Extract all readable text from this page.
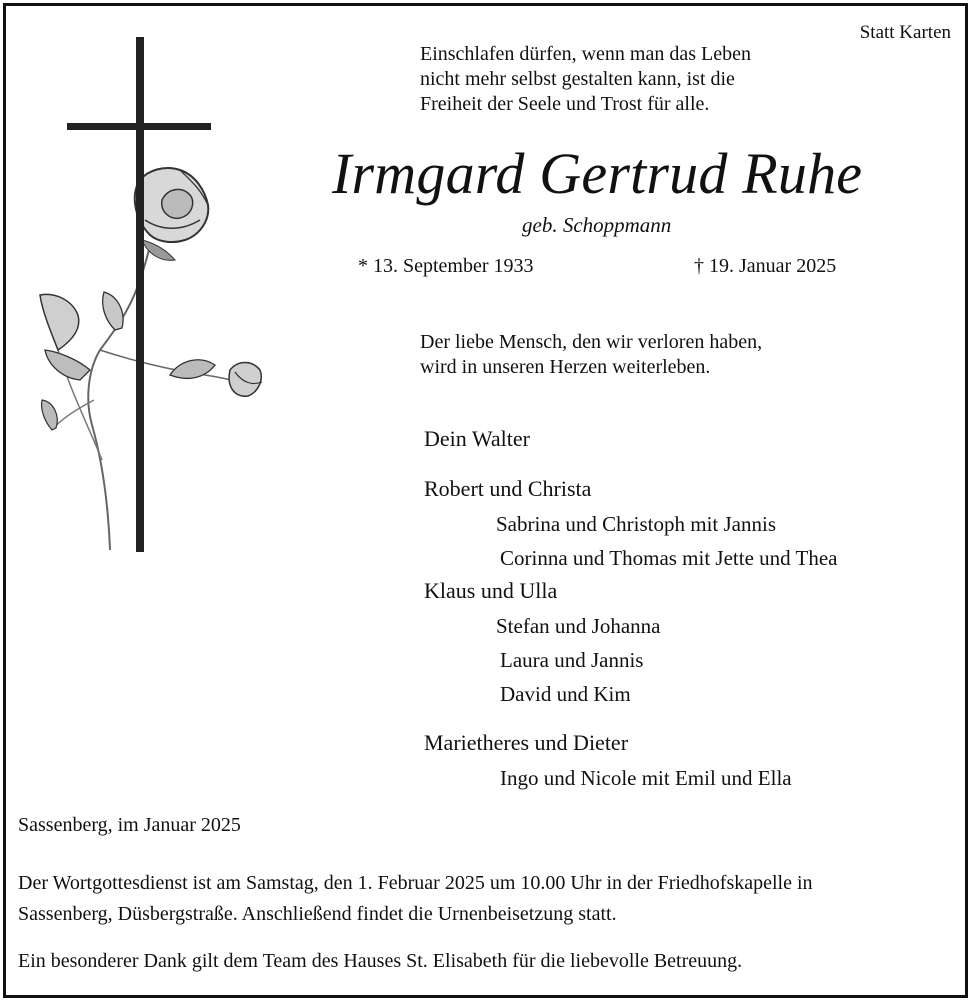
Statt Karten
Einschlafen dürfen, wenn man das Leben
nicht mehr selbst gestalten kann, ist die
Freiheit der Seele und Trost für alle.
Irmgard Gertrud Ruhe
geb. Schoppmann
* 13. September 1933	† 19. Januar 2025
Der liebe Mensch, den wir verloren haben,
wird in unseren Herzen weiterleben.
Dein Walter
Robert und Christa
Sabrina und Christoph mit Jannis
Corinna und Thomas mit Jette und Thea
Klaus und Ulla
Stefan und Johanna
Laura und Jannis
David und Kim
Marietheres und Dieter
Ingo und Nicole mit Emil und Ella
Sassenberg, im Januar 2025
Der Wortgottesdienst ist am Samstag, den 1. Februar 2025 um 10.00 Uhr in der Friedhofskapelle in
Sassenberg, Düsbergstraße. Anschließend findet die Urnenbeisetzung statt.
Ein besonderer Dank gilt dem Team des Hauses St. Elisabeth für die liebevolle Betreuung.
